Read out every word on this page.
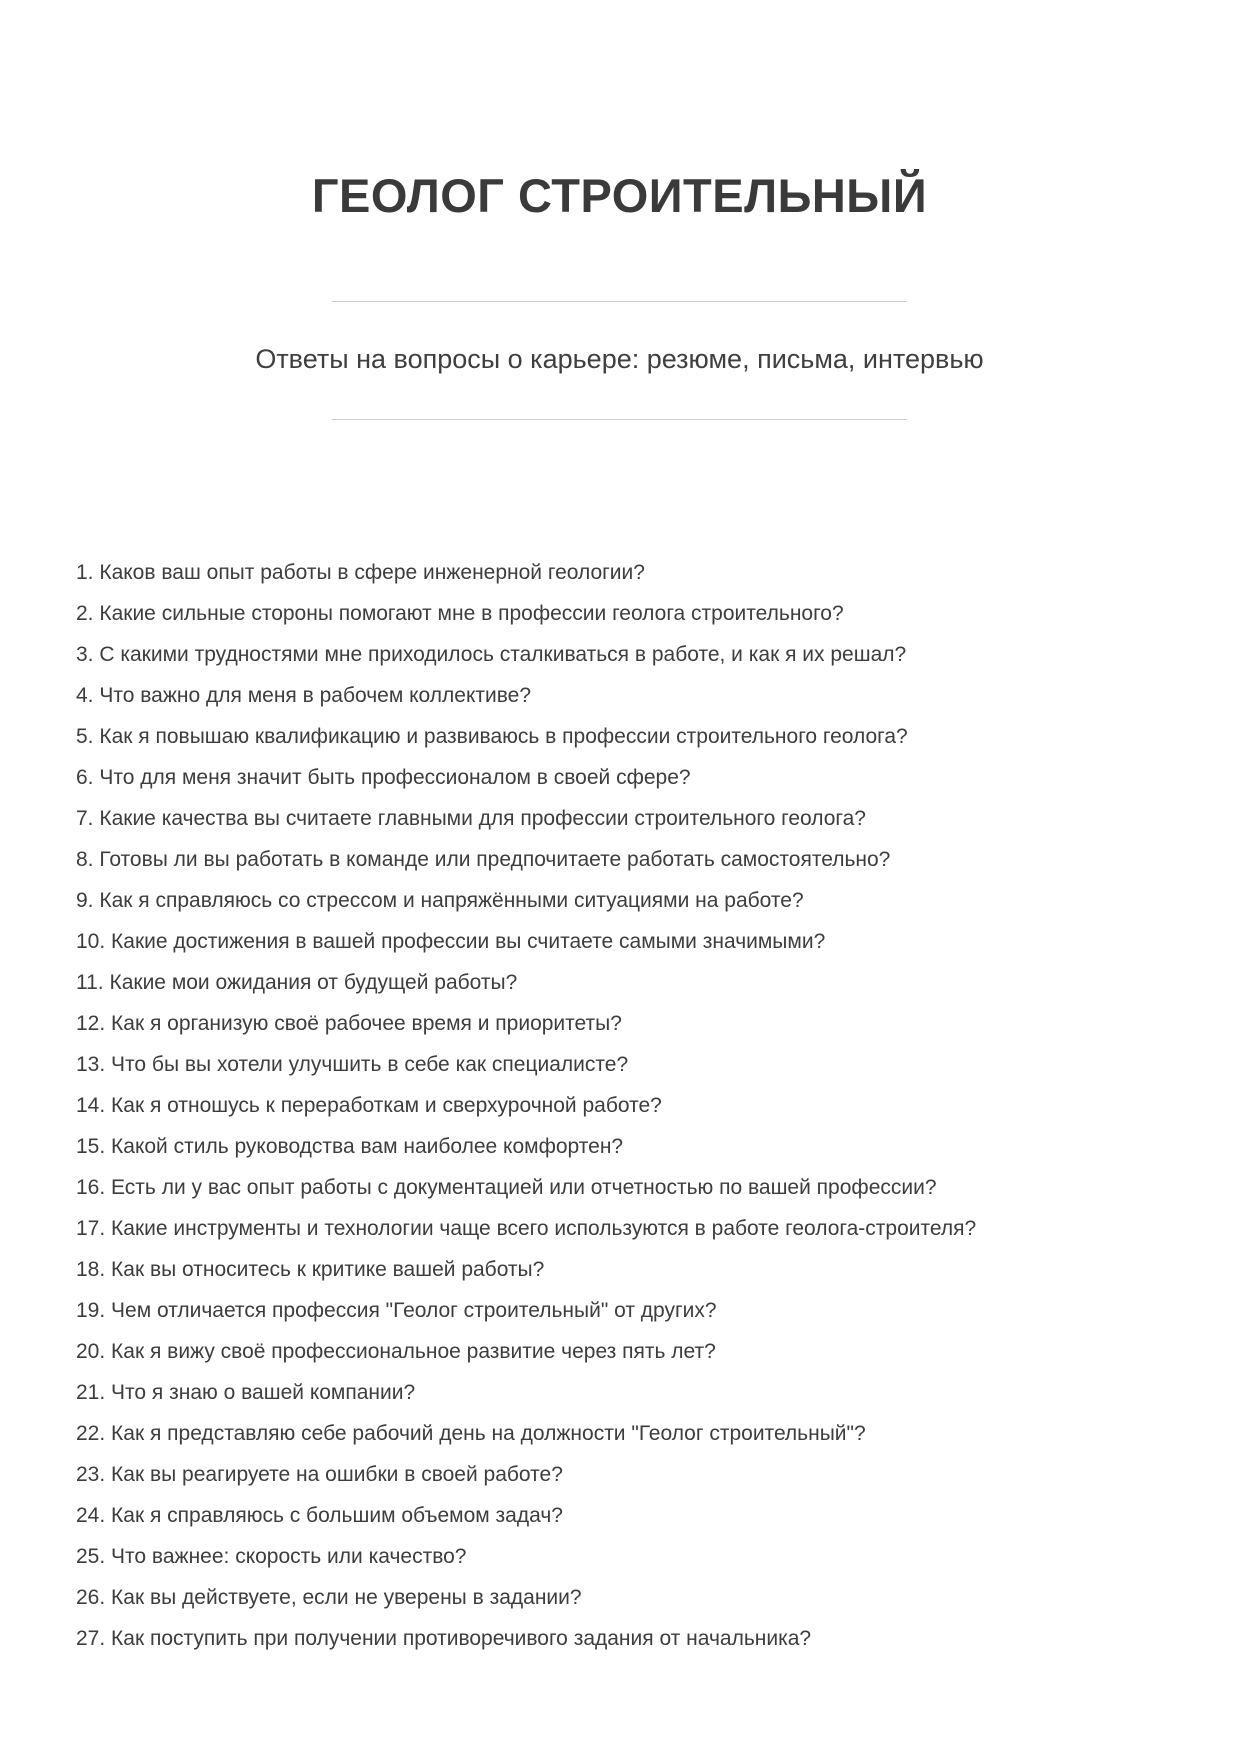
ГЕОЛОГ СТРОИТЕЛЬНЫЙ
Ответы на вопросы о карьере: резюме, письма, интервью
1. Каков ваш опыт работы в сфере инженерной геологии?
2. Какие сильные стороны помогают мне в профессии геолога строительного?
3. С какими трудностями мне приходилось сталкиваться в работе, и как я их решал?
4. Что важно для меня в рабочем коллективе?
5. Как я повышаю квалификацию и развиваюсь в профессии строительного геолога?
6. Что для меня значит быть профессионалом в своей сфере?
7. Какие качества вы считаете главными для профессии строительного геолога?
8. Готовы ли вы работать в команде или предпочитаете работать самостоятельно?
9. Как я справляюсь со стрессом и напряжёнными ситуациями на работе?
10. Какие достижения в вашей профессии вы считаете самыми значимыми?
11. Какие мои ожидания от будущей работы?
12. Как я организую своё рабочее время и приоритеты?
13. Что бы вы хотели улучшить в себе как специалисте?
14. Как я отношусь к переработкам и сверхурочной работе?
15. Какой стиль руководства вам наиболее комфортен?
16. Есть ли у вас опыт работы с документацией или отчетностью по вашей профессии?
17. Какие инструменты и технологии чаще всего используются в работе геолога-строителя?
18. Как вы относитесь к критике вашей работы?
19. Чем отличается профессия "Геолог строительный" от других?
20. Как я вижу своё профессиональное развитие через пять лет?
21. Что я знаю о вашей компании?
22. Как я представляю себе рабочий день на должности "Геолог строительный"?
23. Как вы реагируете на ошибки в своей работе?
24. Как я справляюсь с большим объемом задач?
25. Что важнее: скорость или качество?
26. Как вы действуете, если не уверены в задании?
27. Как поступить при получении противоречивого задания от начальника?
